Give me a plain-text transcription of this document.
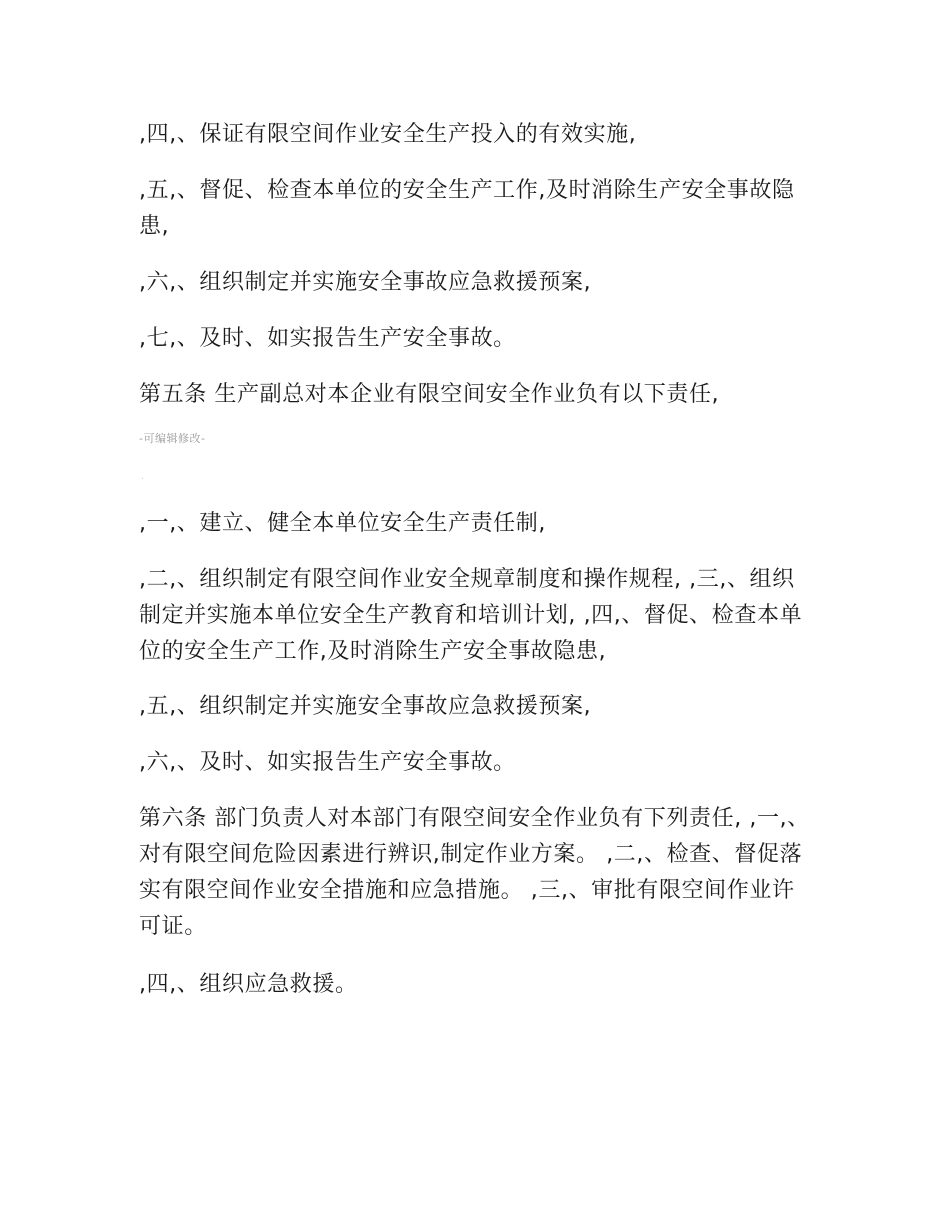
,四,、保证有限空间作业安全生产投入的有效实施,

,五,、督促、检查本单位的安全生产工作,及时消除生产安全事故隐患,

,六,、组织制定并实施安全事故应急救援预案,

,七,、及时、如实报告生产安全事故。

第五条 生产副总对本企业有限空间安全作业负有以下责任,

-可编辑修改-
.

,一,、建立、健全本单位安全生产责任制,

,二,、组织制定有限空间作业安全规章制度和操作规程, ,三,、组织制定并实施本单位安全生产教育和培训计划, ,四,、督促、检查本单位的安全生产工作,及时消除生产安全事故隐患,

,五,、组织制定并实施安全事故应急救援预案,

,六,、及时、如实报告生产安全事故。

第六条 部门负责人对本部门有限空间安全作业负有下列责任, ,一,、对有限空间危险因素进行辨识,制定作业方案。 ,二,、检查、督促落实有限空间作业安全措施和应急措施。 ,三,、审批有限空间作业许可证。

,四,、组织应急救援。
